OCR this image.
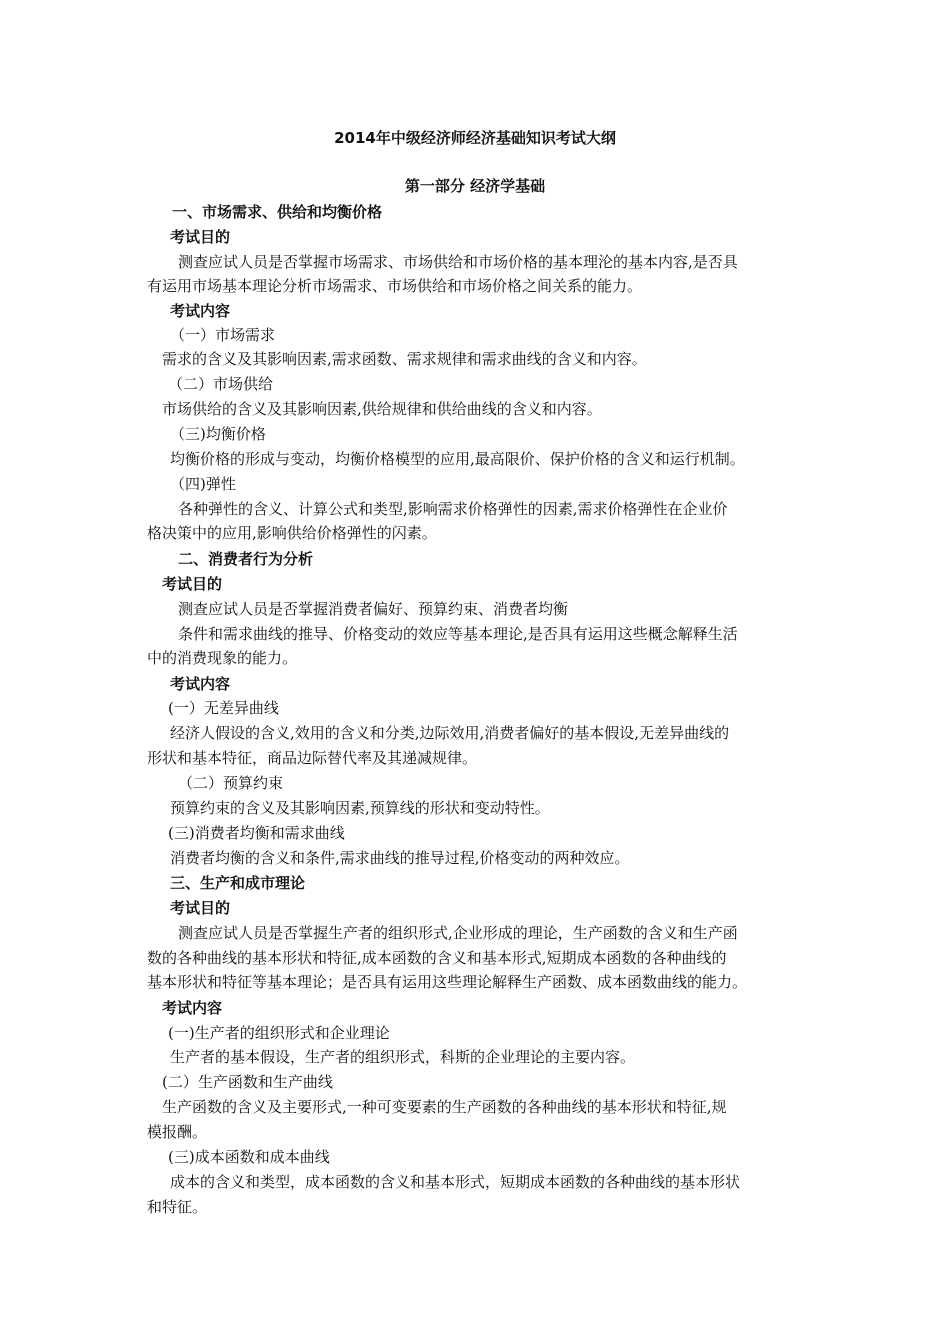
2014年中级经济师经济基础知识考试大纲
第一部分 经济学基础
一、市场需求、供给和均衡价格
考试目的
测查应试人员是否掌握市场需求、市场供给和市场价格的基本理沦的基本内容,是否具
有运用市场基本理论分析市场需求、市场供给和市场价格之间关系的能力。
考试内容
（一）市场需求
需求的含义及其影响因素,需求函数、需求规律和需求曲线的含义和内容。
（二）市场供给
市场供给的含义及其影响因素,供给规律和供给曲线的含义和内容。
（三)均衡价格
均衡价格的形成与变动，均衡价格模型的应用,最高限价、保护价格的含义和运行机制。
（四)弹性
各种弹性的含义、计算公式和类型,影响需求价格弹性的因素,需求价格弹性在企业价
格决策中的应用,影响供给价格弹性的闪素。
二、消费者行为分析
考试目的
测查应试人员是否掌握消费者偏好、预算约束、消费者均衡
条件和需求曲线的推导、价格变动的效应等基本理论,是否具有运用这些概念解释生活
中的消费现象的能力。
考试内容
(一）无差异曲线
经济人假设的含义,效用的含义和分类,边际效用,消费者偏好的基本假设,无差异曲线的
形状和基本特征，商品边际替代率及其递减规律。
（二）预算约束
预算约束的含义及其影响因素,预算线的形状和变动特性。
(三)消费者均衡和需求曲线
消费者均衡的含义和条件,需求曲线的推导过程,价格变动的两种效应。
三、生产和成市理论
考试目的
测查应试人员是否掌握生产者的组织形式,企业形成的理论，生产函数的含义和生产函
数的各种曲线的基本形状和特征,成本函数的含义和基本形式,短期成本函数的各种曲线的
基本形状和特征等基本理论；是否具有运用这些理论解释生产函数、成本函数曲线的能力。
考试内容
(一)生产者的组织形式和企业理论
生产者的基本假设，生产者的组织形式，科斯的企业理论的主要内容。
(二）生产函数和生产曲线
生产函数的含义及主要形式,一种可变要素的生产函数的各种曲线的基本形状和特征,规
模报酬。
(三)成本函数和成本曲线
成本的含义和类型，成本函数的含义和基本形式，短期成本函数的各种曲线的基本形状
和特征。
